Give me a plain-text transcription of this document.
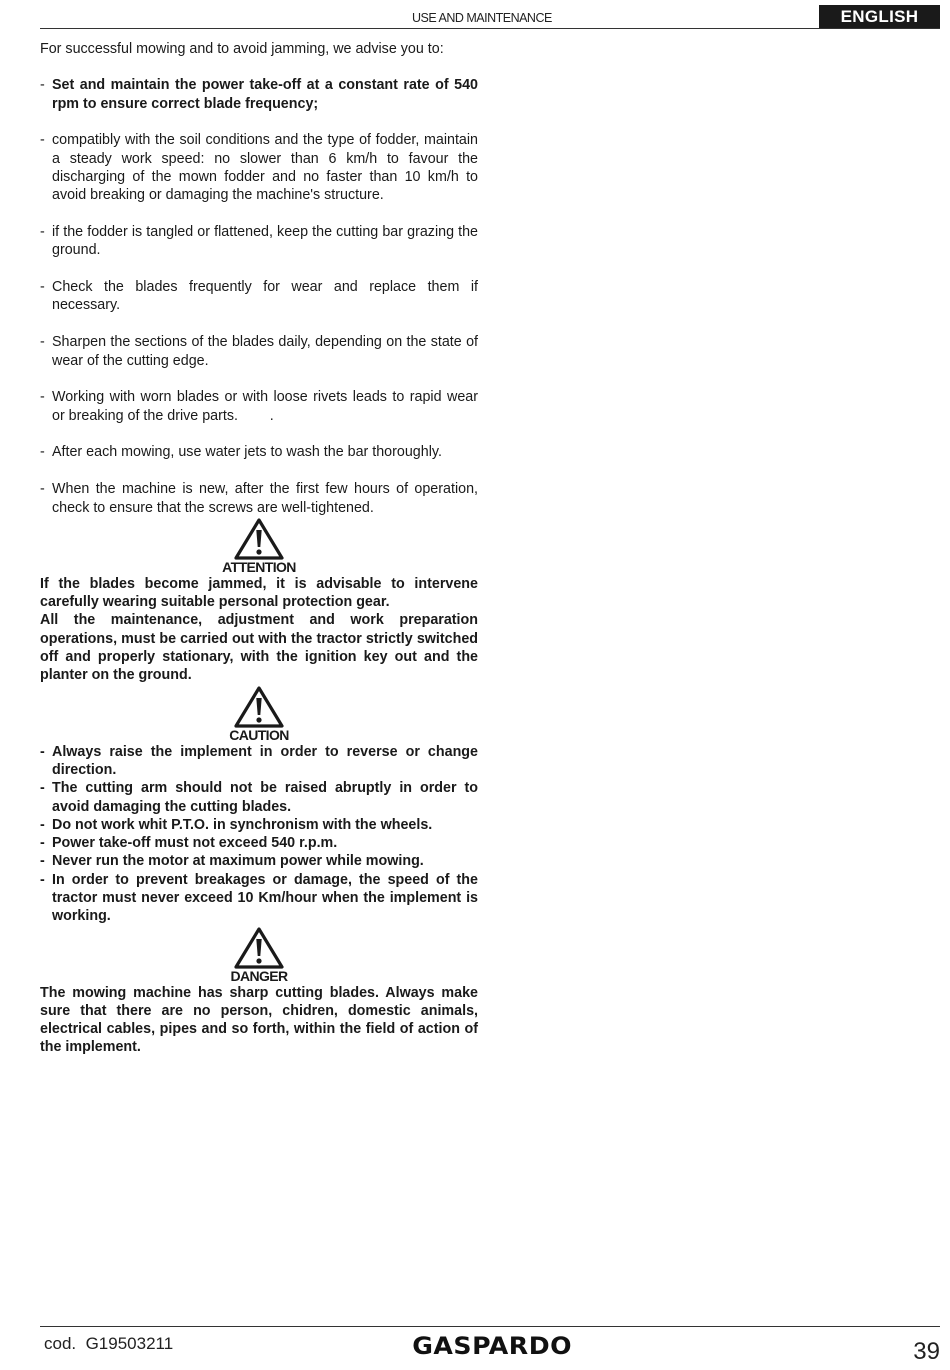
USE AND MAINTENANCE	ENGLISH

For successful mowing and to avoid jamming, we advise you to:

- Set and maintain the power take-off at a constant rate of 540 rpm to ensure correct blade frequency;
- compatibly with the soil conditions and the type of fodder, maintain a steady work speed: no slower than 6 km/h to favour the discharging of the mown fodder and no faster than 10 km/h to avoid breaking or damaging the machine's structure.
- if the fodder is tangled or flattened, keep the cutting bar grazing the ground.
- Check the blades frequently for wear and replace them if necessary.
- Sharpen the sections of the blades daily, depending on the state of wear of the cutting edge.
- Working with worn blades or with loose rivets leads to rapid wear or breaking of the drive parts.        .
- After each mowing, use water jets to wash the bar thoroughly.
- When the machine is new, after the first few hours of operation, check to ensure that the screws are well-tightened.
ATTENTION

If the blades become jammed, it is advisable to intervene carefully wearing suitable personal protection gear.

All the maintenance, adjustment and work preparation operations, must be carried out with the tractor strictly switched off and properly stationary, with the ignition key out and the planter on the ground.

CAUTION
- Always raise the implement in order to reverse or change direction.
- The cutting arm should not be raised abruptly in order to avoid damaging the cutting blades.
- Do not work whit P.T.O. in synchronism with the wheels.
- Power take-off must not exceed 540 r.p.m.
- Never run the motor at maximum power while mowing.
- In order to prevent breakages or damage, the speed of the tractor must never exceed 10 Km/hour when the implement is working.
DANGER

The mowing machine has sharp cutting blades. Always make sure that there are no person, chidren, domestic animals, electrical cables, pipes and so forth, within the field of action of the implement.

cod.  G19503211	GASPARDO	39
